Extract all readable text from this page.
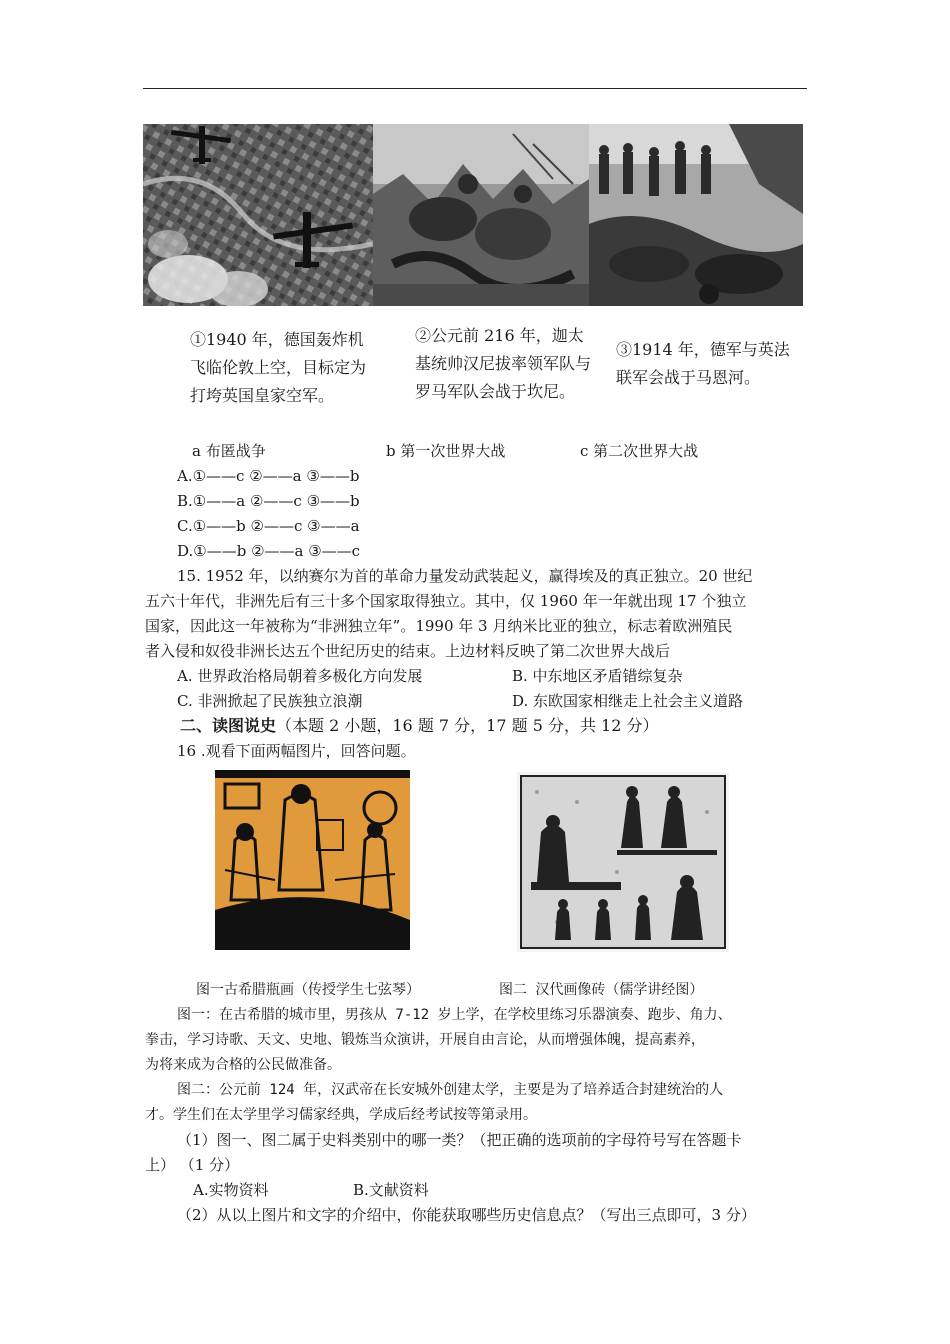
①1940 年，德国轰炸机飞临伦敦上空，目标定为打垮英国皇家空军。
②公元前 216 年，迦太基统帅汉尼拔率领军队与罗马军队会战于坎尼。
③1914 年，德军与英法联军会战于马恩河。
a 布匿战争	b 第一次世界大战	c 第二次世界大战
A.①——c ②——a ③——b
B.①——a ②——c ③——b
C.①——b ②——c ③——a
D.①——b ②——a ③——c
15. 1952 年，以纳赛尔为首的革命力量发动武装起义，赢得埃及的真正独立。20 世纪
五六十年代，非洲先后有三十多个国家取得独立。其中，仅 1960 年一年就出现 17 个独立
国家，因此这一年被称为“非洲独立年”。1990 年 3 月纳米比亚的独立，标志着欧洲殖民
者入侵和奴役非洲长达五个世纪历史的结束。上边材料反映了第二次世界大战后
A. 世界政治格局朝着多极化方向发展	B. 中东地区矛盾错综复杂
C. 非洲掀起了民族独立浪潮	D. 东欧国家相继走上社会主义道路
二、读图说史（本题 2 小题，16 题 7 分，17 题 5 分，共 12 分）
16 .观看下面两幅图片，回答问题。
图一古希腊瓶画（传授学生七弦琴）	图二 汉代画像砖（儒学讲经图）
图一：在古希腊的城市里，男孩从 7-12 岁上学，在学校里练习乐器演奏、跑步、角力、
拳击，学习诗歌、天文、史地、锻炼当众演讲，开展自由言论，从而增强体魄，提高素养，
为将来成为合格的公民做准备。
图二：公元前 124 年，汉武帝在长安城外创建太学，主要是为了培养适合封建统治的人
才。学生们在太学里学习儒家经典，学成后经考试按等第录用。
（1）图一、图二属于史料类别中的哪一类？（把正确的选项前的字母符号写在答题卡
上） （1 分）
A.实物资料	B.文献资料
（2）从以上图片和文字的介绍中，你能获取哪些历史信息点？（写出三点即可，3 分）
